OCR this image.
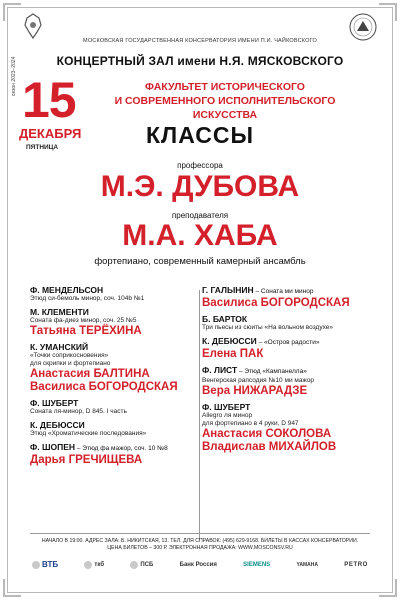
МОСКОВСКАЯ ГОСУДАРСТВЕННАЯ КОНСЕРВАТОРИЯ ИМЕНИ П.И. ЧАЙКОВСКОГО
сезон 2023–2024	КОНЦЕРТНЫЙ ЗАЛ имени Н.Я. МЯСКОВСКОГО
15
ДЕКАБРЯ
ПЯТНИЦА
ФАКУЛЬТЕТ ИСТОРИЧЕСКОГО
И СОВРЕМЕННОГО ИСПОЛНИТЕЛЬСКОГО ИСКУССТВА
КЛАССЫ
профессора
М.Э. ДУБОВА
преподавателя
М.А. ХАБА
фортепиано, современный камерный ансамбль
Ф. МЕНДЕЛЬСОН
Этюд си-бемоль минор, соч. 104b №1
М. КЛЕМЕНТИ
Соната фа-диез минор, соч. 25 №5
Татьяна ТЕРЁХИНА
К. УМАНСКИЙ
«Точки соприкосновения»
для скрипки и фортепиано
Анастасия БАЛТИНА
Василиса БОГОРОДСКАЯ
Ф. ШУБЕРТ
Соната ля-минор, D 845. I часть
К. ДЕБЮССИ
Этюд «Хроматические последования»
Ф. ШОПЕН – Этюд фа мажор, соч. 10 №8
Дарья ГРЕЧИЩЕВА
Г. ГАЛЫНИН – Соната ми минор
Василиса БОГОРОДСКАЯ
Б. БАРТОК
Три пьесы из сюиты «На вольном воздухе»
К. ДЕБЮССИ – «Остров радости»
Елена ПАК
Ф. ЛИСТ – Этюд «Кампанелла»
Венгерская рапсодия №10 ми мажор
Вера НИЖАРАДЗЕ
Ф. ШУБЕРТ
Allegro ля минор
для фортепиано в 4 руки, D 947
Анастасия СОКОЛОВА
Владислав МИХАЙЛОВ
НАЧАЛО В 19:00. АДРЕС ЗАЛА: Б. НИКИТСКАЯ, 13. ТЕЛ. ДЛЯ СПРАВОК: (495) 629-9168. БИЛЕТЫ В КАССАХ КОНСЕРВАТОРИИ.
ЦЕНА БИЛЕТОВ – 300 Р. ЭЛЕКТРОННАЯ ПРОДАЖА: WWW.MOSCONSV.RU
ВТБ	ткб	ПСБ	Банк Россия	SIEMENS	YAMAHA	PETRO
